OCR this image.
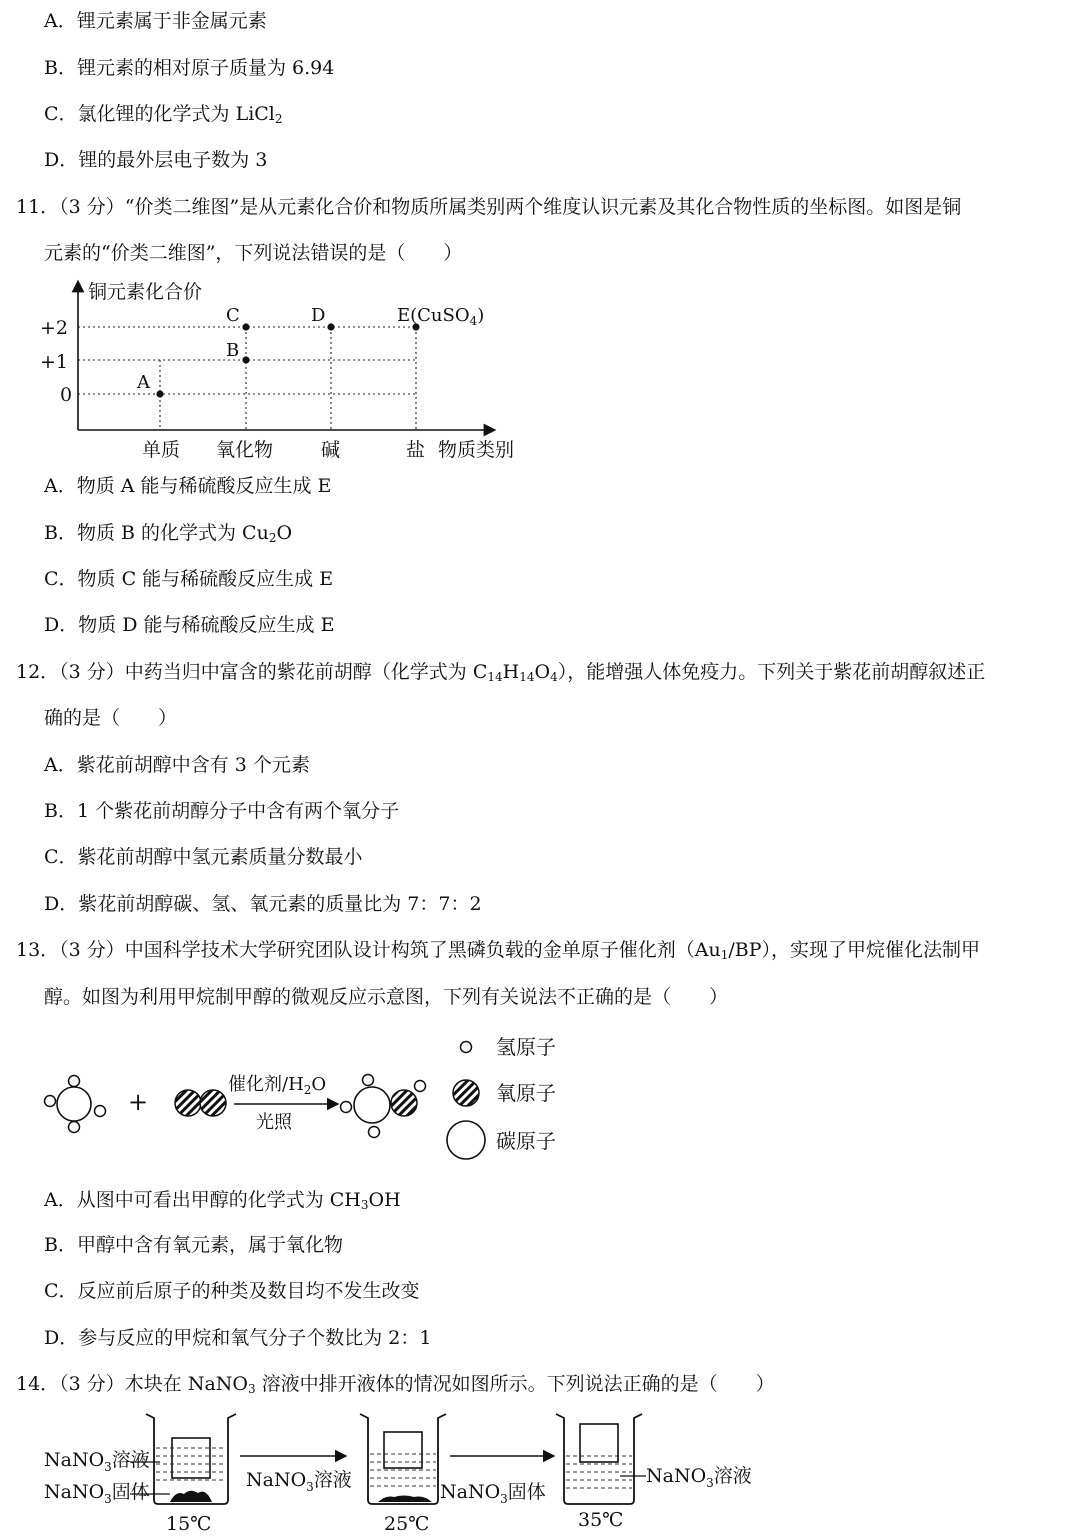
A．锂元素属于非金属元素
B．锂元素的相对原子质量为 6.94
C．氯化锂的化学式为 LiCl$_2$
D．锂的最外层电子数为 3
11．（3 分）“价类二维图”是从元素化合价和物质所属类别两个维度认识元素及其化合物性质的坐标图。如图是铜
元素的“价类二维图”，下列说法错误的是（　　）
铜元素化合价
物质类别
+2
+1
0
单质 氧化物	碱	盐
A
B
C	D	E(CuSO$_4$)
A．物质 A 能与稀硫酸反应生成 E
B．物质 B 的化学式为 $Cu_2O$
C．物质 C 能与稀硫酸反应生成 E
D．物质 D 能与稀硫酸反应生成 E
12．（3 分）中药当归中富含的紫花前胡醇（化学式为 $C_{14}H_{14}O_4$），能增强人体免疫力。下列关于紫花前胡醇叙述正
确的是（　　）
A．紫花前胡醇中含有 3 个元素
B．1 个紫花前胡醇分子中含有两个氧分子
C．紫花前胡醇中氢元素质量分数最小
D．紫花前胡醇碳、氢、氧元素的质量比为 7：7：2
13．（3 分）中国科学技术大学研究团队设计构筑了黑磷负载的金单原子催化剂$(Au_1/BP)$，实现了甲烷催化法制甲
醇。如图为利用甲烷制甲醇的微观反应示意图，下列有关说法不正确的是（　　）
+
催化剂$/H_2O$
光照
氢原子
氧原子
碳原子
A．从图中可看出甲醇的化学式为 $CH_3OH$
B．甲醇中含有氧元素，属于氧化物
C．反应前后原子的种类及数目均不发生改变
D．参与反应的甲烷和氧气分子个数比为 2：1
14．（3 分）木块在 NaNO$_3$ 溶液中排开液体的情况如图所示。下列说法正确的是（　　）
NaNO$_3$溶液
NaNO$_3$固体
15℃
NaNO$_3$溶液
NaNO$_3$固体
25℃
NaNO$_3$溶液
35℃
